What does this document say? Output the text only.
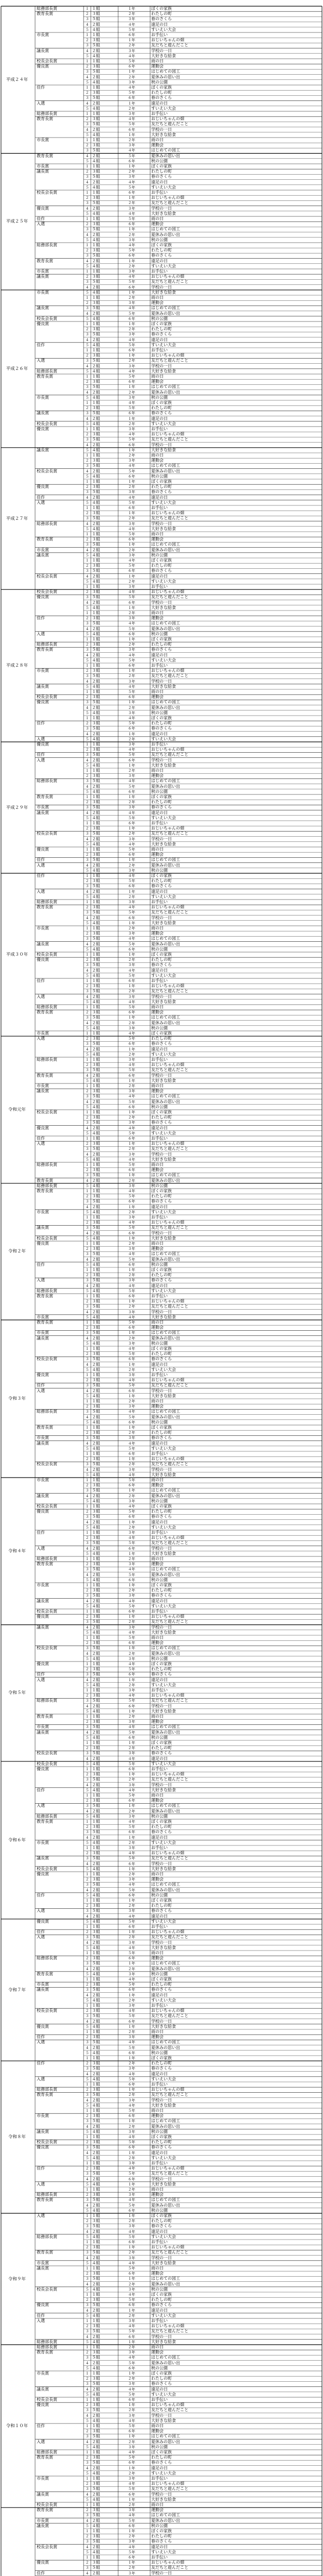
平成２４年
総務部長賞	１ １組	１年	ぼくの家族
教育長賞	２ ３組	２年	わたしの町
３ ５組	３年	春のさくら
４ ２組	４年	遠足の日
５ ４組	５年	すいえい大会
市長賞	１ １組	６年	お手伝い
２ ３組	１年	おじいちゃんの畑
３ ５組	２年	友だちと遊んだこと
議長賞	４ ２組	３年	学校の一日
５ ４組	４年	大好きな給食
校長会長賞	１ １組	５年	雨の日
優良賞	２ ３組	６年	運動会
３ ５組	１年	はじめての図工
４ ２組	２年	夏休みの思い出
５ ４組	３年	秋の公園
佳作	１ １組	４年	ぼくの家族
２ ３組	５年	わたしの町
３ ５組	６年	春のさくら
入選	４ ２組	１年	遠足の日
５ ４組	２年	すいえい大会
総務部長賞	１ １組	３年	お手伝い
教育長賞	２ ３組	４年	おじいちゃんの畑
３ ５組	５年	友だちと遊んだこと
４ ２組	６年	学校の一日
５ ４組	１年	大好きな給食
市長賞	１ １組	２年	雨の日
２ ３組	３年	運動会
３ ５組	４年	はじめての図工
平成２５年
教育長賞	４ ２組	５年	夏休みの思い出
５ ４組	６年	秋の公園
市長賞	１ １組	１年	ぼくの家族
議長賞	２ ３組	２年	わたしの町
３ ５組	３年	春のさくら
４ ２組	４年	遠足の日
５ ４組	５年	すいえい大会
校長会長賞	１ １組	６年	お手伝い
２ ３組	１年	おじいちゃんの畑
３ ５組	２年	友だちと遊んだこと
優良賞	４ ２組	３年	学校の一日
５ ４組	４年	大好きな給食
佳作	１ １組	５年	雨の日
入選	２ ３組	６年	運動会
３ ５組	１年	はじめての図工
４ ２組	２年	夏休みの思い出
５ ４組	３年	秋の公園
総務部長賞	１ １組	４年	ぼくの家族
２ ３組	５年	わたしの町
３ ５組	６年	春のさくら
教育長賞	４ ２組	１年	遠足の日
５ ４組	２年	すいえい大会
市長賞	１ １組	３年	お手伝い
議長賞	２ ３組	４年	おじいちゃんの畑
３ ５組	５年	友だちと遊んだこと
４ ２組	６年	学校の一日
平成２６年
市長賞	５ ４組	１年	大好きな給食
１ １組	２年	雨の日
２ ３組	３年	運動会
議長賞	３ ５組	４年	はじめての図工
４ ２組	５年	夏休みの思い出
校長会長賞	５ ４組	６年	秋の公園
優良賞	１ １組	１年	ぼくの家族
２ ３組	２年	わたしの町
３ ５組	３年	春のさくら
４ ２組	４年	遠足の日
佳作	５ ４組	５年	すいえい大会
１ １組	６年	お手伝い
２ ３組	１年	おじいちゃんの畑
入選	３ ５組	２年	友だちと遊んだこと
４ ２組	３年	学校の一日
総務部長賞	５ ４組	４年	大好きな給食
教育長賞	１ １組	５年	雨の日
２ ３組	６年	運動会
３ ５組	１年	はじめての図工
４ ２組	２年	夏休みの思い出
市長賞	５ ４組	３年	秋の公園
１ １組	４年	ぼくの家族
２ ３組	５年	わたしの町
議長賞	３ ５組	６年	春のさくら
４ ２組	１年	遠足の日
校長会長賞	５ ４組	２年	すいえい大会
優良賞	１ １組	３年	お手伝い
２ ３組	４年	おじいちゃんの畑
３ ５組	５年	友だちと遊んだこと
４ ２組	６年	学校の一日
平成２７年
議長賞	５ ４組	１年	大好きな給食
１ １組	２年	雨の日
２ ３組	３年	運動会
３ ５組	４年	はじめての図工
校長会長賞	４ ２組	５年	夏休みの思い出
５ ４組	６年	秋の公園
１ １組	１年	ぼくの家族
優良賞	２ ３組	２年	わたしの町
３ ５組	３年	春のさくら
佳作	４ ２組	４年	遠足の日
入選	５ ４組	５年	すいえい大会
１ １組	６年	お手伝い
２ ３組	１年	おじいちゃんの畑
３ ５組	２年	友だちと遊んだこと
総務部長賞	４ ２組	３年	学校の一日
５ ４組	４年	大好きな給食
１ １組	５年	雨の日
教育長賞	２ ３組	６年	運動会
３ ５組	１年	はじめての図工
市長賞	４ ２組	２年	夏休みの思い出
議長賞	５ ４組	３年	秋の公園
１ １組	４年	ぼくの家族
２ ３組	５年	わたしの町
３ ５組	６年	春のさくら
校長会長賞	４ ２組	１年	遠足の日
５ ４組	２年	すいえい大会
１ １組	３年	お手伝い
平成２８年
校長会長賞	２ ３組	４年	おじいちゃんの畑
優良賞	３ ５組	５年	友だちと遊んだこと
４ ２組	６年	学校の一日
５ ４組	１年	大好きな給食
１ １組	２年	雨の日
佳作	２ ３組	３年	運動会
３ ５組	４年	はじめての図工
４ ２組	５年	夏休みの思い出
入選	５ ４組	６年	秋の公園
１ １組	１年	ぼくの家族
総務部長賞	２ ３組	２年	わたしの町
教育長賞	３ ５組	３年	春のさくら
４ ２組	４年	遠足の日
５ ４組	５年	すいえい大会
１ １組	６年	お手伝い
市長賞	２ ３組	１年	おじいちゃんの畑
３ ５組	２年	友だちと遊んだこと
４ ２組	３年	学校の一日
議長賞	５ ４組	４年	大好きな給食
１ １組	５年	雨の日
校長会長賞	２ ３組	６年	運動会
優良賞	３ ５組	１年	はじめての図工
４ ２組	２年	夏休みの思い出
５ ４組	３年	秋の公園
１ １組	４年	ぼくの家族
佳作	２ ３組	５年	わたしの町
３ ５組	６年	春のさくら
４ ２組	１年	遠足の日
入選	５ ４組	２年	すいえい大会
平成２９年
優良賞	１ １組	３年	お手伝い
２ ３組	４年	おじいちゃんの畑
佳作	３ ５組	５年	友だちと遊んだこと
入選	４ ２組	６年	学校の一日
５ ４組	１年	大好きな給食
１ １組	２年	雨の日
２ ３組	３年	運動会
総務部長賞	３ ５組	４年	はじめての図工
４ ２組	５年	夏休みの思い出
５ ４組	６年	秋の公園
教育長賞	１ １組	１年	ぼくの家族
２ ３組	２年	わたしの町
市長賞	３ ５組	３年	春のさくら
議長賞	４ ２組	４年	遠足の日
５ ４組	５年	すいえい大会
１ １組	６年	お手伝い
２ ３組	１年	おじいちゃんの畑
校長会長賞	３ ５組	２年	友だちと遊んだこと
４ ２組	３年	学校の一日
５ ４組	４年	大好きな給食
優良賞	１ １組	５年	雨の日
２ ３組	６年	運動会
佳作	３ ５組	１年	はじめての図工
入選	４ ２組	２年	夏休みの思い出
５ ４組	３年	秋の公園
平成３０年
佳作	１ １組	４年	ぼくの家族
２ ３組	５年	わたしの町
３ ５組	６年	春のさくら
入選	４ ２組	１年	遠足の日
５ ４組	２年	すいえい大会
総務部長賞	１ １組	３年	お手伝い
教育長賞	２ ３組	４年	おじいちゃんの畑
３ ５組	５年	友だちと遊んだこと
４ ２組	６年	学校の一日
５ ４組	１年	大好きな給食
市長賞	１ １組	２年	雨の日
２ ３組	３年	運動会
３ ５組	４年	はじめての図工
議長賞	４ ２組	５年	夏休みの思い出
５ ４組	６年	秋の公園
校長会長賞	１ １組	１年	ぼくの家族
優良賞	２ ３組	２年	わたしの町
３ ５組	３年	春のさくら
４ ２組	４年	遠足の日
５ ４組	５年	すいえい大会
佳作	１ １組	６年	お手伝い
２ ３組	１年	おじいちゃんの畑
３ ５組	２年	友だちと遊んだこと
入選	４ ２組	３年	学校の一日
５ ４組	４年	大好きな給食
総務部長賞	１ １組	５年	雨の日
教育長賞	２ ３組	６年	運動会
３ ５組	１年	はじめての図工
４ ２組	２年	夏休みの思い出
５ ４組	３年	秋の公園
市長賞	１ １組	４年	ぼくの家族
令和元年
入選	２ ３組	５年	わたしの町
３ ５組	６年	春のさくら
４ ２組	１年	遠足の日
５ ４組	２年	すいえい大会
総務部長賞	１ １組	３年	お手伝い
２ ３組	４年	おじいちゃんの畑
３ ５組	５年	友だちと遊んだこと
教育長賞	４ ２組	６年	学校の一日
５ ４組	１年	大好きな給食
市長賞	１ １組	２年	雨の日
議長賞	２ ３組	３年	運動会
３ ５組	４年	はじめての図工
４ ２組	５年	夏休みの思い出
５ ４組	６年	秋の公園
校長会長賞	１ １組	１年	ぼくの家族
２ ３組	２年	わたしの町
３ ５組	３年	春のさくら
優良賞	４ ２組	４年	遠足の日
５ ４組	５年	すいえい大会
佳作	１ １組	６年	お手伝い
入選	２ ３組	１年	おじいちゃんの畑
３ ５組	２年	友だちと遊んだこと
４ ２組	３年	学校の一日
５ ４組	４年	大好きな給食
総務部長賞	１ １組	５年	雨の日
２ ３組	６年	運動会
３ ５組	１年	はじめての図工
教育長賞	４ ２組	２年	夏休みの思い出
令和２年
総務部長賞	５ ４組	３年	秋の公園
教育長賞	１ １組	４年	ぼくの家族
２ ３組	５年	わたしの町
３ ５組	６年	春のさくら
４ ２組	１年	遠足の日
市長賞	５ ４組	２年	すいえい大会
１ １組	３年	お手伝い
２ ３組	４年	おじいちゃんの畑
議長賞	３ ５組	５年	友だちと遊んだこと
４ ２組	６年	学校の一日
校長会長賞	５ ４組	１年	大好きな給食
優良賞	１ １組	２年	雨の日
２ ３組	３年	運動会
３ ５組	４年	はじめての図工
４ ２組	５年	夏休みの思い出
佳作	５ ４組	６年	秋の公園
１ １組	１年	ぼくの家族
２ ３組	２年	わたしの町
入選	３ ５組	３年	春のさくら
４ ２組	４年	遠足の日
総務部長賞	５ ４組	５年	すいえい大会
教育長賞	１ １組	６年	お手伝い
２ ３組	１年	おじいちゃんの畑
３ ５組	２年	友だちと遊んだこと
４ ２組	３年	学校の一日
市長賞	５ ４組	４年	大好きな給食
令和３年
教育長賞	１ １組	５年	雨の日
２ ３組	６年	運動会
市長賞	３ ５組	１年	はじめての図工
議長賞	４ ２組	２年	夏休みの思い出
５ ４組	３年	秋の公園
１ １組	４年	ぼくの家族
２ ３組	５年	わたしの町
校長会長賞	３ ５組	６年	春のさくら
４ ２組	１年	遠足の日
５ ４組	２年	すいえい大会
優良賞	１ １組	３年	お手伝い
２ ３組	４年	おじいちゃんの畑
佳作	３ ５組	５年	友だちと遊んだこと
入選	４ ２組	６年	学校の一日
５ ４組	１年	大好きな給食
１ １組	２年	雨の日
２ ３組	３年	運動会
総務部長賞	３ ５組	４年	はじめての図工
４ ２組	５年	夏休みの思い出
５ ４組	６年	秋の公園
教育長賞	１ １組	１年	ぼくの家族
２ ３組	２年	わたしの町
市長賞	３ ５組	３年	春のさくら
議長賞	４ ２組	４年	遠足の日
５ ４組	５年	すいえい大会
１ １組	６年	お手伝い
２ ３組	１年	おじいちゃんの畑
校長会長賞	３ ５組	２年	友だちと遊んだこと
４ ２組	３年	学校の一日
５ ４組	４年	大好きな給食
令和４年
市長賞	１ １組	５年	雨の日
２ ３組	６年	運動会
３ ５組	１年	はじめての図工
議長賞	４ ２組	２年	夏休みの思い出
５ ４組	３年	秋の公園
校長会長賞	１ １組	４年	ぼくの家族
優良賞	２ ３組	５年	わたしの町
３ ５組	６年	春のさくら
４ ２組	１年	遠足の日
５ ４組	２年	すいえい大会
佳作	１ １組	３年	お手伝い
２ ３組	４年	おじいちゃんの畑
３ ５組	５年	友だちと遊んだこと
入選	４ ２組	６年	学校の一日
５ ４組	１年	大好きな給食
総務部長賞	１ １組	２年	雨の日
教育長賞	２ ３組	３年	運動会
３ ５組	４年	はじめての図工
４ ２組	５年	夏休みの思い出
５ ４組	６年	秋の公園
市長賞	１ １組	１年	ぼくの家族
２ ３組	２年	わたしの町
３ ５組	３年	春のさくら
議長賞	４ ２組	４年	遠足の日
５ ４組	５年	すいえい大会
校長会長賞	１ １組	６年	お手伝い
優良賞	２ ３組	１年	おじいちゃんの畑
３ ５組	２年	友だちと遊んだこと
令和５年
議長賞	４ ２組	３年	学校の一日
５ ４組	４年	大好きな給食
１ １組	５年	雨の日
２ ３組	６年	運動会
校長会長賞	３ ５組	１年	はじめての図工
４ ２組	２年	夏休みの思い出
５ ４組	３年	秋の公園
優良賞	１ １組	４年	ぼくの家族
２ ３組	５年	わたしの町
佳作	３ ５組	６年	春のさくら
入選	４ ２組	１年	遠足の日
５ ４組	２年	すいえい大会
１ １組	３年	お手伝い
２ ３組	４年	おじいちゃんの畑
総務部長賞	３ ５組	５年	友だちと遊んだこと
４ ２組	６年	学校の一日
５ ４組	１年	大好きな給食
教育長賞	１ １組	２年	雨の日
２ ３組	３年	運動会
市長賞	３ ５組	４年	はじめての図工
議長賞	４ ２組	５年	夏休みの思い出
５ ４組	６年	秋の公園
１ １組	１年	ぼくの家族
２ ３組	２年	わたしの町
校長会長賞	３ ５組	３年	春のさくら
４ ２組	４年	遠足の日
令和６年
校長会長賞	５ ４組	５年	すいえい大会
優良賞	１ １組	６年	お手伝い
２ ３組	１年	おじいちゃんの畑
３ ５組	２年	友だちと遊んだこと
４ ２組	３年	学校の一日
佳作	５ ４組	４年	大好きな給食
１ １組	５年	雨の日
２ ３組	６年	運動会
入選	３ ５組	１年	はじめての図工
４ ２組	２年	夏休みの思い出
総務部長賞	５ ４組	３年	秋の公園
教育長賞	１ １組	４年	ぼくの家族
２ ３組	５年	わたしの町
３ ５組	６年	春のさくら
４ ２組	１年	遠足の日
市長賞	５ ４組	２年	すいえい大会
１ １組	３年	お手伝い
２ ３組	４年	おじいちゃんの畑
議長賞	３ ５組	５年	友だちと遊んだこと
４ ２組	６年	学校の一日
校長会長賞	５ ４組	１年	大好きな給食
優良賞	１ １組	２年	雨の日
２ ３組	３年	運動会
３ ５組	４年	はじめての図工
４ ２組	５年	夏休みの思い出
佳作	５ ４組	６年	秋の公園
１ １組	１年	ぼくの家族
２ ３組	２年	わたしの町
入選	３ ５組	３年	春のさくら
４ ２組	４年	遠足の日
令和７年
優良賞	５ ４組	５年	すいえい大会
１ １組	６年	お手伝い
佳作	２ ３組	１年	おじいちゃんの畑
入選	３ ５組	２年	友だちと遊んだこと
４ ２組	３年	学校の一日
５ ４組	４年	大好きな給食
１ １組	５年	雨の日
総務部長賞	２ ３組	６年	運動会
３ ５組	１年	はじめての図工
４ ２組	２年	夏休みの思い出
教育長賞	５ ４組	３年	秋の公園
１ １組	４年	ぼくの家族
市長賞	２ ３組	５年	わたしの町
議長賞	３ ５組	６年	春のさくら
４ ２組	１年	遠足の日
５ ４組	２年	すいえい大会
１ １組	３年	お手伝い
校長会長賞	２ ３組	４年	おじいちゃんの畑
３ ５組	５年	友だちと遊んだこと
４ ２組	６年	学校の一日
優良賞	５ ４組	１年	大好きな給食
１ １組	２年	雨の日
佳作	２ ３組	３年	運動会
入選	３ ５組	４年	はじめての図工
４ ２組	５年	夏休みの思い出
５ ４組	６年	秋の公園
１ １組	１年	ぼくの家族
令和８年
佳作	２ ３組	２年	わたしの町
３ ５組	３年	春のさくら
４ ２組	４年	遠足の日
入選	５ ４組	５年	すいえい大会
１ １組	６年	お手伝い
総務部長賞	２ ３組	１年	おじいちゃんの畑
教育長賞	３ ５組	２年	友だちと遊んだこと
４ ２組	３年	学校の一日
５ ４組	４年	大好きな給食
１ １組	５年	雨の日
市長賞	２ ３組	６年	運動会
３ ５組	１年	はじめての図工
４ ２組	２年	夏休みの思い出
議長賞	５ ４組	３年	秋の公園
１ １組	４年	ぼくの家族
校長会長賞	２ ３組	５年	わたしの町
優良賞	３ ５組	６年	春のさくら
４ ２組	１年	遠足の日
５ ４組	２年	すいえい大会
１ １組	３年	お手伝い
佳作	２ ３組	４年	おじいちゃんの畑
３ ５組	５年	友だちと遊んだこと
４ ２組	６年	学校の一日
入選	５ ４組	１年	大好きな給食
１ １組	２年	雨の日
総務部長賞	２ ３組	３年	運動会
教育長賞	３ ５組	４年	はじめての図工
４ ２組	５年	夏休みの思い出
５ ４組	６年	秋の公園
令和９年
入選	１ １組	１年	ぼくの家族
２ ３組	２年	わたしの町
３ ５組	３年	春のさくら
４ ２組	４年	遠足の日
総務部長賞	５ ４組	５年	すいえい大会
１ １組	６年	お手伝い
２ ３組	１年	おじいちゃんの畑
教育長賞	３ ５組	２年	友だちと遊んだこと
４ ２組	３年	学校の一日
市長賞	５ ４組	４年	大好きな給食
議長賞	１ １組	５年	雨の日
２ ３組	６年	運動会
３ ５組	１年	はじめての図工
４ ２組	２年	夏休みの思い出
校長会長賞	５ ４組	３年	秋の公園
１ １組	４年	ぼくの家族
２ ３組	５年	わたしの町
優良賞	３ ５組	６年	春のさくら
４ ２組	１年	遠足の日
佳作	５ ４組	２年	すいえい大会
入選	１ １組	３年	お手伝い
２ ３組	４年	おじいちゃんの畑
３ ５組	５年	友だちと遊んだこと
４ ２組	６年	学校の一日
総務部長賞	５ ４組	１年	大好きな給食
令和１０年
総務部長賞	１ １組	２年	雨の日
教育長賞	２ ３組	３年	運動会
３ ５組	４年	はじめての図工
４ ２組	５年	夏休みの思い出
５ ４組	６年	秋の公園
市長賞	１ １組	１年	ぼくの家族
２ ３組	２年	わたしの町
３ ５組	３年	春のさくら
議長賞	４ ２組	４年	遠足の日
５ ４組	５年	すいえい大会
校長会長賞	１ １組	６年	お手伝い
優良賞	２ ３組	１年	おじいちゃんの畑
３ ５組	２年	友だちと遊んだこと
４ ２組	３年	学校の一日
５ ４組	４年	大好きな給食
佳作	１ １組	５年	雨の日
２ ３組	６年	運動会
３ ５組	１年	はじめての図工
入選	４ ２組	２年	夏休みの思い出
５ ４組	３年	秋の公園
総務部長賞	１ １組	４年	ぼくの家族
教育長賞	２ ３組	５年	わたしの町
３ ５組	６年	春のさくら
４ ２組	１年	遠足の日
５ ４組	２年	すいえい大会
市長賞	１ １組	３年	お手伝い
２ ３組	４年	おじいちゃんの畑
３ ５組	５年	友だちと遊んだこと
議長賞	４ ２組	６年	学校の一日
５ ４組	１年	大好きな給食
校長会長賞	１ １組	２年	雨の日
教育長賞	２ ３組	３年	運動会
３ ５組	４年	はじめての図工
市長賞	４ ２組	５年	夏休みの思い出
議長賞	５ ４組	６年	秋の公園
１ １組	１年	ぼくの家族
２ ３組	２年	わたしの町
３ ５組	３年	春のさくら
校長会長賞	４ ２組	４年	遠足の日
５ ４組	５年	すいえい大会
１ １組	６年	お手伝い
優良賞	２ ３組	１年	おじいちゃんの畑
３ ５組	２年	友だちと遊んだこと
佳作	４ ２組	３年	学校の一日
